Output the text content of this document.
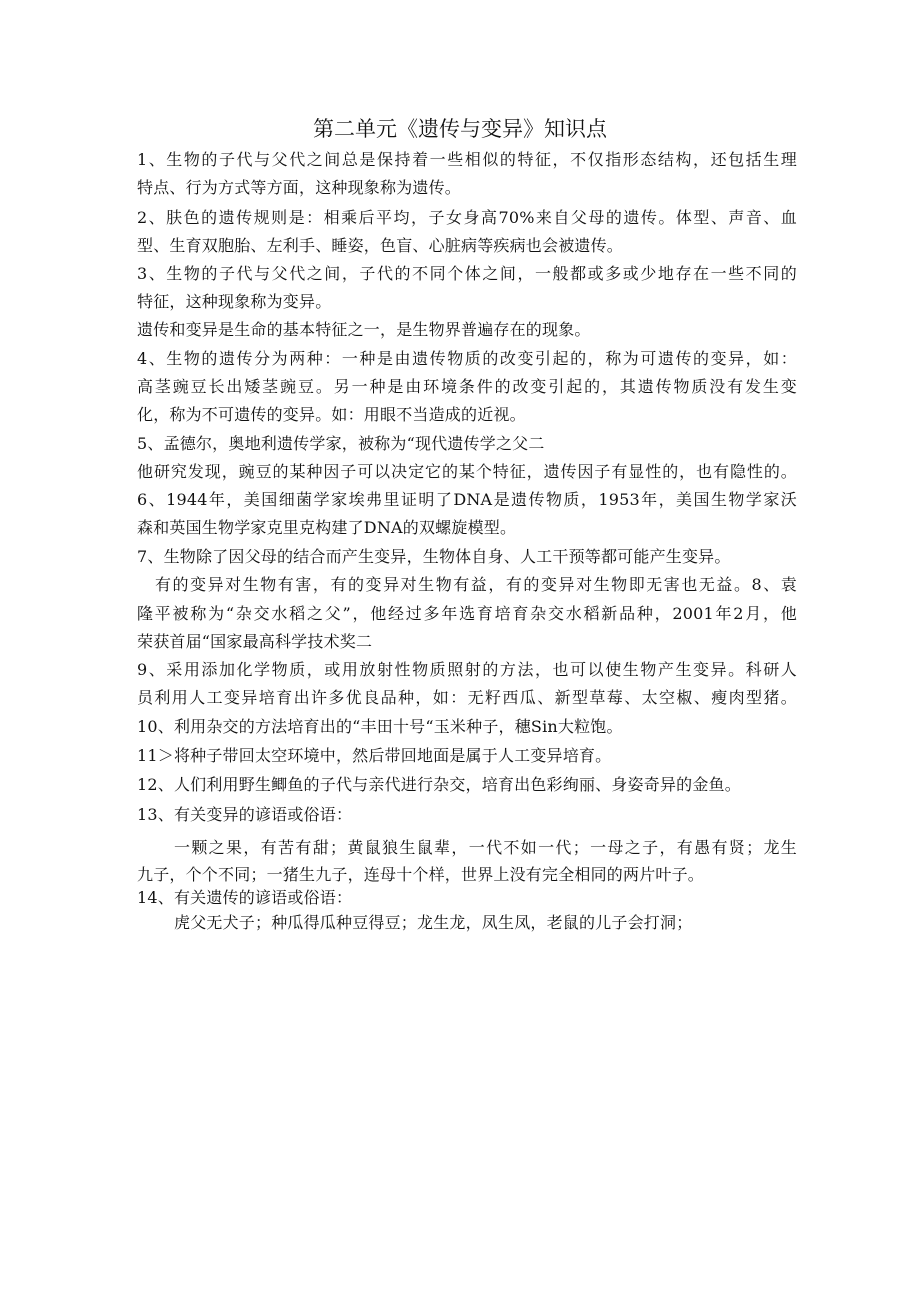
第二单元《遗传与变异》知识点
1、生物的子代与父代之间总是保持着一些相似的特征，不仅指形态结构，还包括生理
特点、行为方式等方面，这种现象称为遗传。
2、肤色的遗传规则是：相乘后平均，子女身高70%来自父母的遗传。体型、声音、血
型、生育双胞胎、左利手、睡姿，色盲、心脏病等疾病也会被遗传。
3、生物的子代与父代之间，子代的不同个体之间，一般都或多或少地存在一些不同的
特征，这种现象称为变异。
遗传和变异是生命的基本特征之一，是生物界普遍存在的现象。
4、生物的遗传分为两种：一种是由遗传物质的改变引起的，称为可遗传的变异，如：
高茎豌豆长出矮茎豌豆。另一种是由环境条件的改变引起的，其遗传物质没有发生变
化，称为不可遗传的变异。如：用眼不当造成的近视。
5、孟德尔，奥地利遗传学家，被称为“现代遗传学之父二
他研究发现，豌豆的某种因子可以决定它的某个特征，遗传因子有显性的，也有隐性的。
6、1944年，美国细菌学家埃弗里证明了DNA是遗传物质，1953年，美国生物学家沃
森和英国生物学家克里克构建了DNA的双螺旋模型。
7、生物除了因父母的结合而产生变异，生物体自身、人工干预等都可能产生变异。
有的变异对生物有害，有的变异对生物有益，有的变异对生物即无害也无益。8、袁
隆平被称为“杂交水稻之父”，他经过多年选育培育杂交水稻新品种，2001年2月，他
荣获首届“国家最高科学技术奖二
9、采用添加化学物质，或用放射性物质照射的方法，也可以使生物产生变异。科研人
员利用人工变异培育出许多优良品种，如：无籽西瓜、新型草莓、太空椒、瘦肉型猪。
10、利用杂交的方法培育出的“丰田十号“玉米种子，穗Sin大粒饱。
11＞将种子带回太空环境中，然后带回地面是属于人工变异培育。
12、人们利用野生鲫鱼的子代与亲代进行杂交，培育出色彩绚丽、身姿奇异的金鱼。
13、有关变异的谚语或俗语：
一颗之果，有苦有甜；黄鼠狼生鼠辈，一代不如一代；一母之子，有愚有贤；龙生
九子，个个不同；一猪生九子，连母十个样，世界上没有完全相同的两片叶子。
14、有关遗传的谚语或俗语：
虎父无犬子；种瓜得瓜种豆得豆；龙生龙，凤生凤，老鼠的儿子会打洞；
